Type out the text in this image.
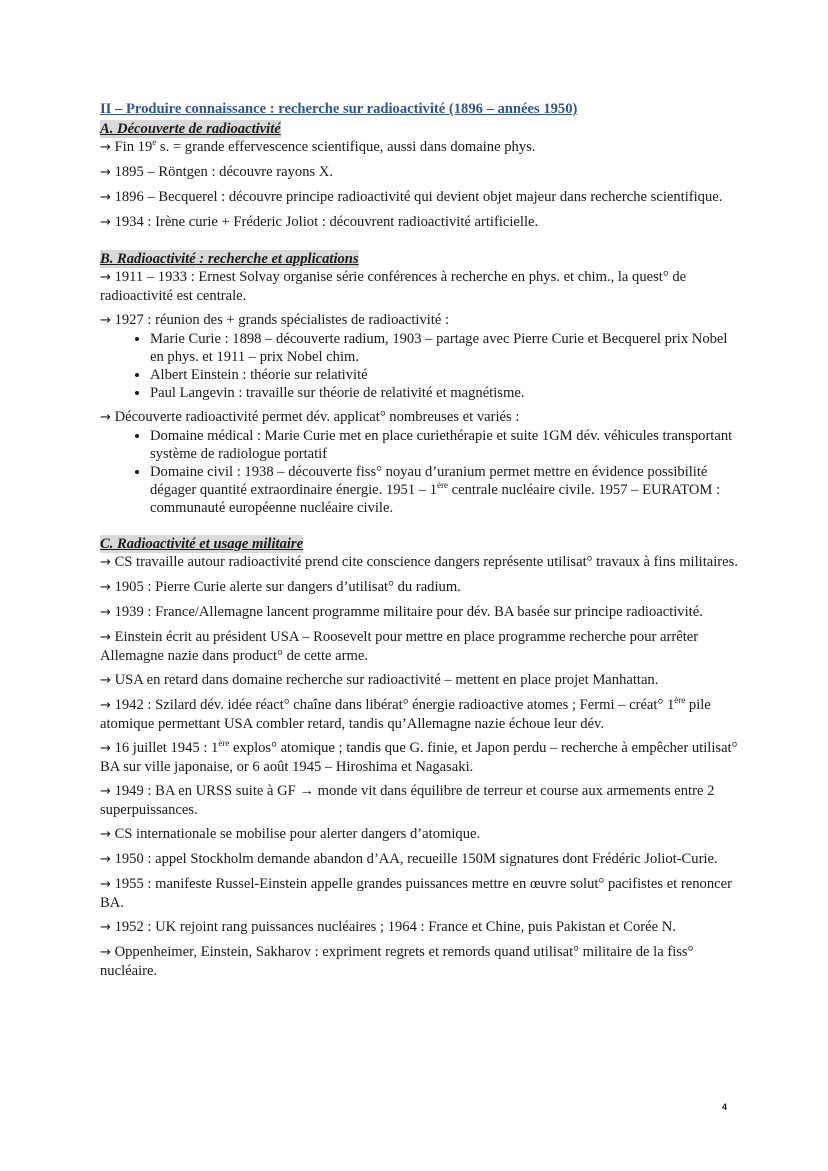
II – Produire connaissance : recherche sur radioactivité (1896 – années 1950)
A. Découverte de radioactivité

→ Fin 19e s. = grande effervescence scientifique, aussi dans domaine phys.

→ 1895 – Röntgen : découvre rayons X.

→ 1896 – Becquerel : découvre principe radioactivité qui devient objet majeur dans recherche scientifique.

→ 1934 : Irène curie + Fréderic Joliot : découvrent radioactivité artificielle.

B. Radioactivité : recherche et applications

→ 1911 – 1933 : Ernest Solvay organise série conférences à recherche en phys. et chim., la quest° de radioactivité est centrale.

→ 1927 : réunion des + grands spécialistes de radioactivité :

• Marie Curie : 1898 – découverte radium, 1903 – partage avec Pierre Curie et Becquerel prix Nobel en phys. et 1911 – prix Nobel chim.
• Albert Einstein : théorie sur relativité
• Paul Langevin : travaille sur théorie de relativité et magnétisme.

→ Découverte radioactivité permet dév. applicat° nombreuses et variés :

• Domaine médical : Marie Curie met en place curiethérapie et suite 1GM dév. véhicules transportant système de radiologue portatif
• Domaine civil : 1938 – découverte fiss° noyau d’uranium permet mettre en évidence possibilité dégager quantité extraordinaire énergie. 1951 – 1ère centrale nucléaire civile. 1957 – EURATOM : communauté européenne nucléaire civile.
C. Radioactivité et usage militaire

→ CS travaille autour radioactivité prend cite conscience dangers représente utilisat° travaux à fins militaires.

→ 1905 : Pierre Curie alerte sur dangers d’utilisat° du radium.

→ 1939 : France/Allemagne lancent programme militaire pour dév. BA basée sur principe radioactivité.

→ Einstein écrit au président USA – Roosevelt pour mettre en place programme recherche pour arrêter Allemagne nazie dans product° de cette arme.

→ USA en retard dans domaine recherche sur radioactivité – mettent en place projet Manhattan.

→ 1942 : Szilard dév. idée réact° chaîne dans libérat° énergie radioactive atomes ; Fermi – créat° 1ère pile atomique permettant USA combler retard, tandis qu’Allemagne nazie échoue leur dév.

→ 16 juillet 1945 : 1ère explos° atomique ; tandis que G. finie, et Japon perdu – recherche à empêcher utilisat° BA sur ville japonaise, or 6 août 1945 – Hiroshima et Nagasaki.

→ 1949 : BA en URSS suite à GF → monde vit dans équilibre de terreur et course aux armements entre 2 superpuissances.

→ CS internationale se mobilise pour alerter dangers d’atomique.

→ 1950 : appel Stockholm demande abandon d’AA, recueille 150M signatures dont Frédéric Joliot-Curie.

→ 1955 : manifeste Russel-Einstein appelle grandes puissances mettre en œuvre solut° pacifistes et renoncer BA.

→ 1952 : UK rejoint rang puissances nucléaires ; 1964 : France et Chine, puis Pakistan et Corée N.

→ Oppenheimer, Einstein, Sakharov : expriment regrets et remords quand utilisat° militaire de la fiss° nucléaire.

4
